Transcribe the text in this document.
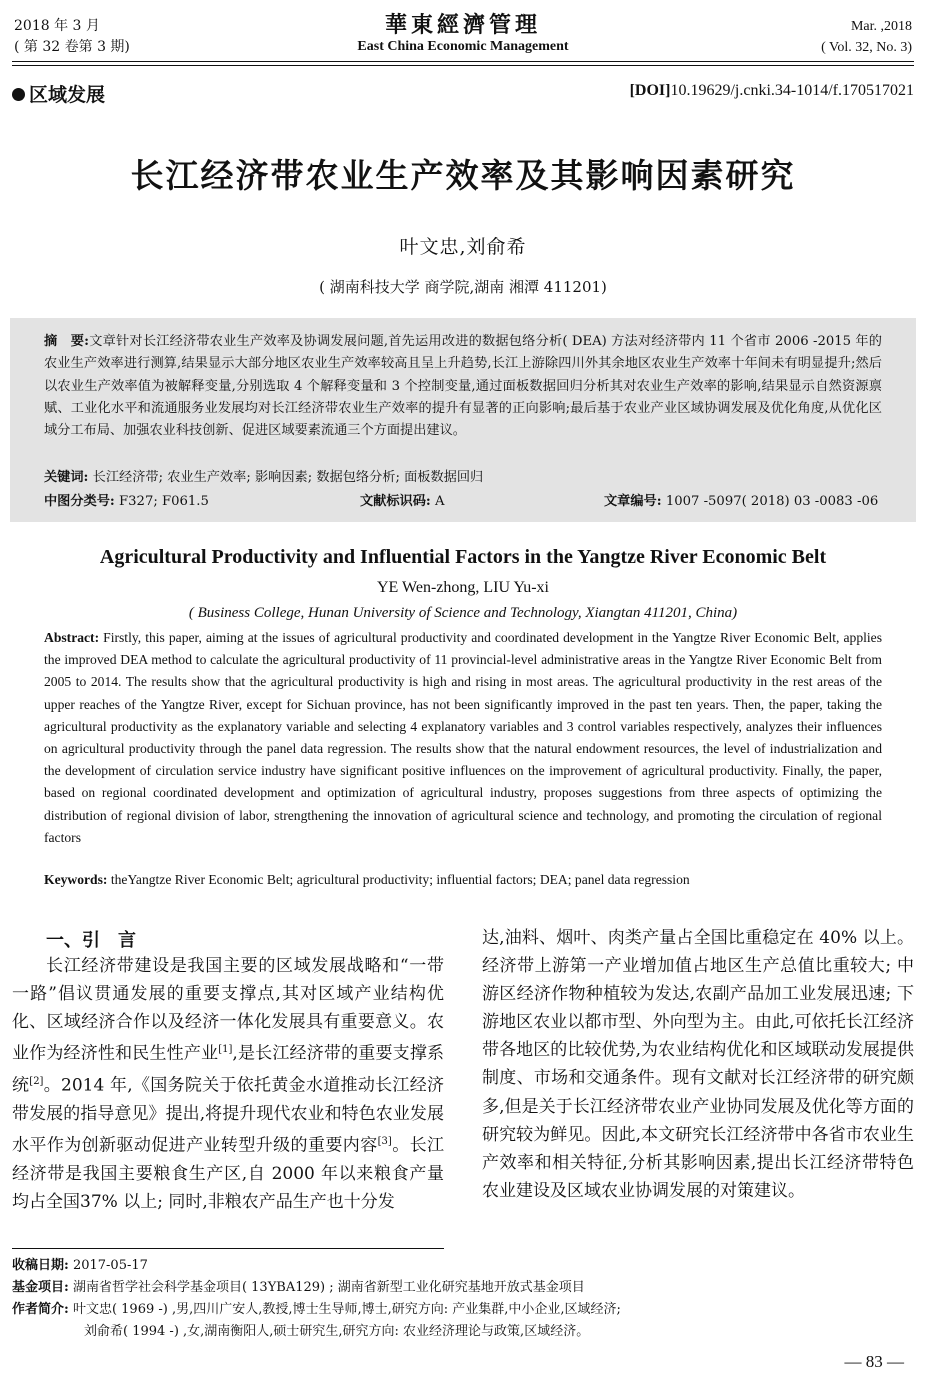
2018 年 3 月
( 第 32 卷第 3 期)
華東經濟管理
East China Economic Management
Mar. ,2018
( Vol. 32, No. 3)
区域发展	[DOI]10.19629/j.cnki.34-1014/f.170517021
长江经济带农业生产效率及其影响因素研究
叶文忠,刘俞希
( 湖南科技大学 商学院,湖南 湘潭 411201)
摘　要:文章针对长江经济带农业生产效率及协调发展问题,首先运用改进的数据包络分析( DEA) 方法对经济带内 11 个省市 2006 -2015 年的农业生产效率进行测算,结果显示大部分地区农业生产效率较高且呈上升趋势,长江上游除四川外其余地区农业生产效率十年间未有明显提升;然后以农业生产效率值为被解释变量,分别选取 4 个解释变量和 3 个控制变量,通过面板数据回归分析其对农业生产效率的影响,结果显示自然资源禀赋、工业化水平和流通服务业发展均对长江经济带农业生产效率的提升有显著的正向影响;最后基于农业产业区域协调发展及优化角度,从优化区域分工布局、加强农业科技创新、促进区域要素流通三个方面提出建议。
关键词: 长江经济带; 农业生产效率; 影响因素; 数据包络分析; 面板数据回归
中图分类号: F327; F061.5	文献标识码: A	文章编号: 1007 -5097( 2018) 03 -0083 -06
Agricultural Productivity and Influential Factors in the Yangtze River Economic Belt
YE Wen-zhong, LIU Yu-xi
( Business College, Hunan University of Science and Technology, Xiangtan 411201, China)
Abstract: Firstly, this paper, aiming at the issues of agricultural productivity and coordinated development in the Yangtze River Economic Belt, applies the improved DEA method to calculate the agricultural productivity of 11 provincial-level administrative areas in the Yangtze River Economic Belt from 2005 to 2014. The results show that the agricultural productivity is high and rising in most areas. The agricultural productivity in the rest areas of the upper reaches of the Yangtze River, except for Sichuan province, has not been significantly improved in the past ten years. Then, the paper, taking the agricultural productivity as the explanatory variable and selecting 4 explanatory variables and 3 control variables respectively, analyzes their influences on agricultural productivity through the panel data regression. The results show that the natural endowment resources, the level of industrialization and the development of circulation service industry have significant positive influences on the improvement of agricultural productivity. Finally, the paper, based on regional coordinated development and optimization of agricultural industry, proposes suggestions from three aspects of optimizing the distribution of regional division of labor, strengthening the innovation of agricultural science and technology, and promoting the circulation of regional factors
Keywords: theYangtze River Economic Belt; agricultural productivity; influential factors; DEA; panel data regression
一、引　言
长江经济带建设是我国主要的区域发展战略和“一带一路”倡议贯通发展的重要支撑点,其对区域产业结构优化、区域经济合作以及经济一体化发展具有重要意义。农业作为经济性和民生性产业[1],是长江经济带的重要支撑系统[2]。2014 年,《国务院关于依托黄金水道推动长江经济带发展的指导意见》提出,将提升现代农业和特色农业发展水平作为创新驱动促进产业转型升级的重要内容[3]。长江经济带是我国主要粮食生产区,自 2000 年以来粮食产量均占全国37% 以上; 同时,非粮农产品生产也十分发
达,油料、烟叶、肉类产量占全国比重稳定在 40% 以上。经济带上游第一产业增加值占地区生产总值比重较大; 中游区经济作物种植较为发达,农副产品加工业发展迅速; 下游地区农业以都市型、外向型为主。由此,可依托长江经济带各地区的比较优势,为农业结构优化和区域联动发展提供制度、市场和交通条件。现有文献对长江经济带的研究颇多,但是关于长江经济带农业产业协同发展及优化等方面的研究较为鲜见。因此,本文研究长江经济带中各省市农业生产效率和相关特征,分析其影响因素,提出长江经济带特色农业建设及区域农业协调发展的对策建议。
收稿日期: 2017-05-17
基金项目: 湖南省哲学社会科学基金项目( 13YBA129) ; 湖南省新型工业化研究基地开放式基金项目
作者简介: 叶文忠( 1969 -) ,男,四川广安人,教授,博士生导师,博士,研究方向: 产业集群,中小企业,区域经济;
刘俞希( 1994 -) ,女,湖南衡阳人,硕士研究生,研究方向: 农业经济理论与政策,区域经济。
— 83 —
